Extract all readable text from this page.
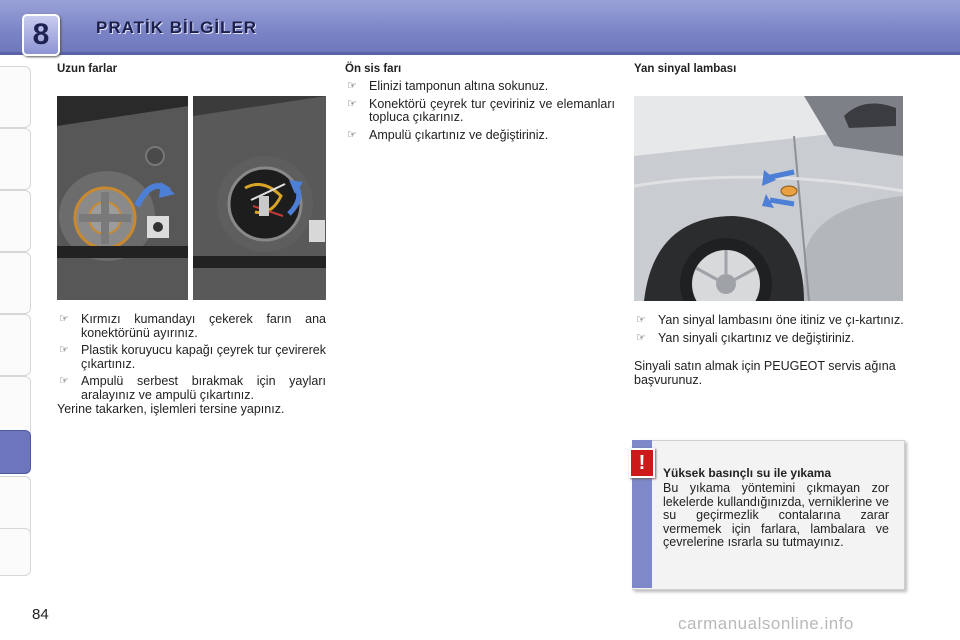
8	PRATİK BİLGİLER
Uzun farlar
☞ Kırmızı kumandayı çekerek farın ana konektörünü ayırınız.
☞ Plastik koruyucu kapağı çeyrek tur çevirerek çıkartınız.
☞ Ampulü serbest bırakmak için yayları aralayınız ve ampulü çıkartınız.

Yerine takarken, işlemleri tersine yapınız.

Ön sis farı
☞ Elinizi tamponun altına sokunuz.
☞ Konektörü çeyrek tur çeviriniz ve elemanları topluca çıkarınız.
☞ Ampulü çıkartınız ve değiştiriniz.
Yan sinyal lambası
☞ Yan sinyal lambasını öne itiniz ve çı-kartınız.
☞ Yan sinyali çıkartınız ve değiştiriniz.

Sinyali satın almak için PEUGEOT servis ağına başvurunuz.

!	Yüksek basınçlı su ile yıkama

Bu yıkama yöntemini çıkmayan zor lekelerde kullandığınızda, verniklerine ve su geçirmezlik contalarına zarar vermemek için farlara, lambalara ve çevrelerine ısrarla su tutmayınız.

84	carmanualsonline.info
